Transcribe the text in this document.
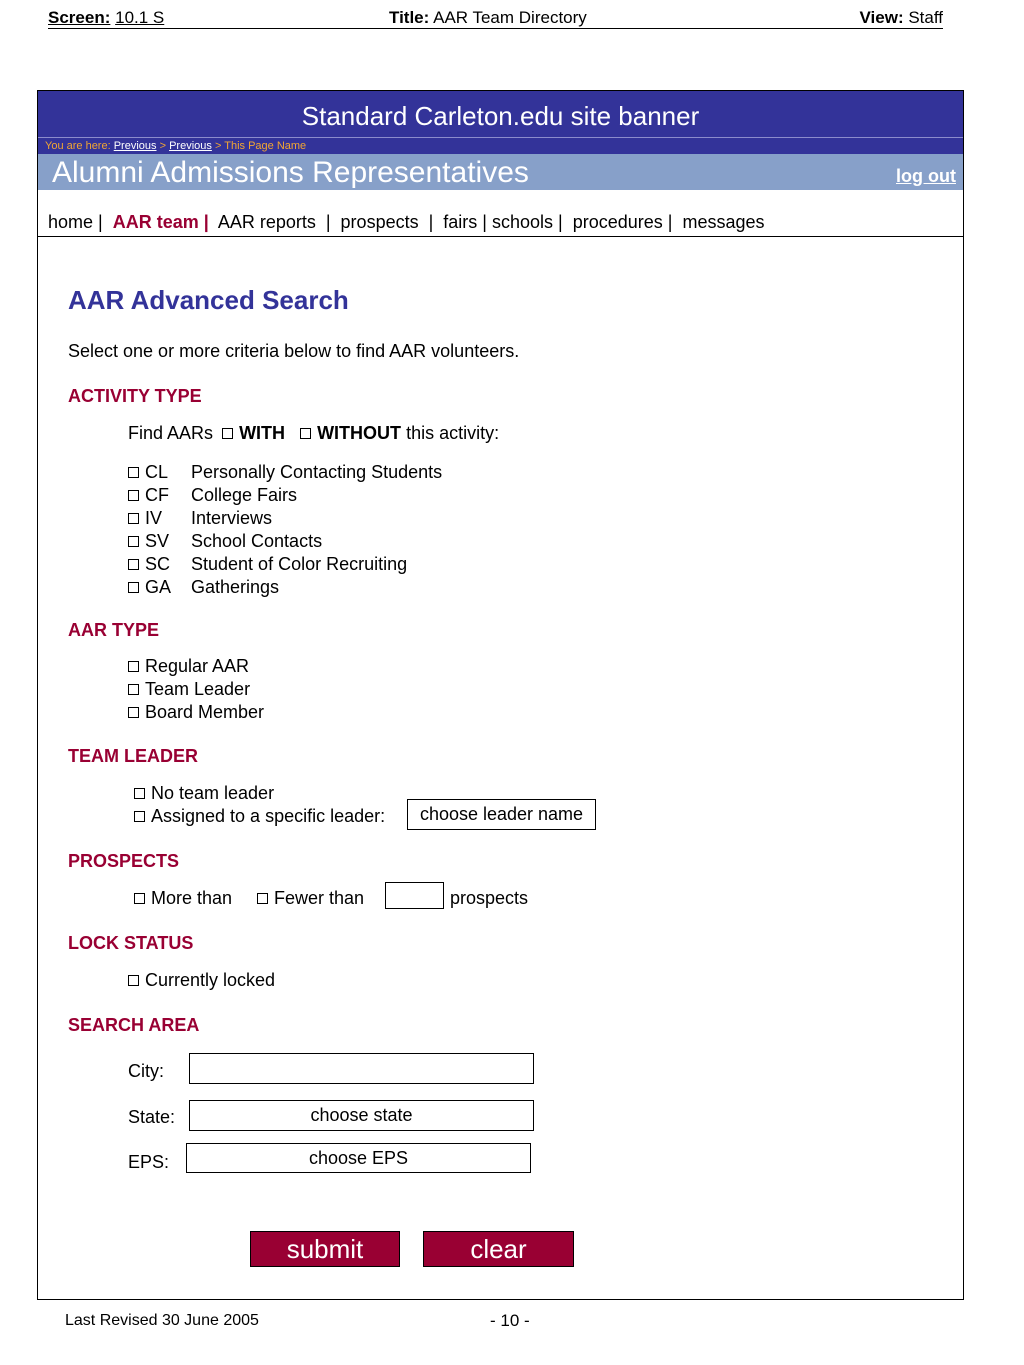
Screen: 10.1 S	Title: AAR Team Directory	View: Staff
Standard Carleton.edu site banner
You are here: Previous > Previous > This Page Name
Alumni Admissions Representatives	log out
home |  AAR team | AAR reports  |  prospects  |  fairs | schools |  procedures |  messages
AAR Advanced Search
Select one or more criteria below to find AAR volunteers.
ACTIVITY TYPE
Find AARs WITH WITHOUT this activity:
CL Personally Contacting Students
CF College Fairs
IV Interviews
SV School Contacts
SC Student of Color Recruiting
GA Gatherings
AAR TYPE
Regular AAR
Team Leader
Board Member
TEAM LEADER
No team leader
Assigned to a specific leader:	choose leader name
PROSPECTS
More than	Fewer than	prospects
LOCK STATUS
Currently locked
SEARCH AREA
City:
State:	choose state
EPS:	choose EPS
submit	clear
Last Revised 30 June 2005	- 10 -
